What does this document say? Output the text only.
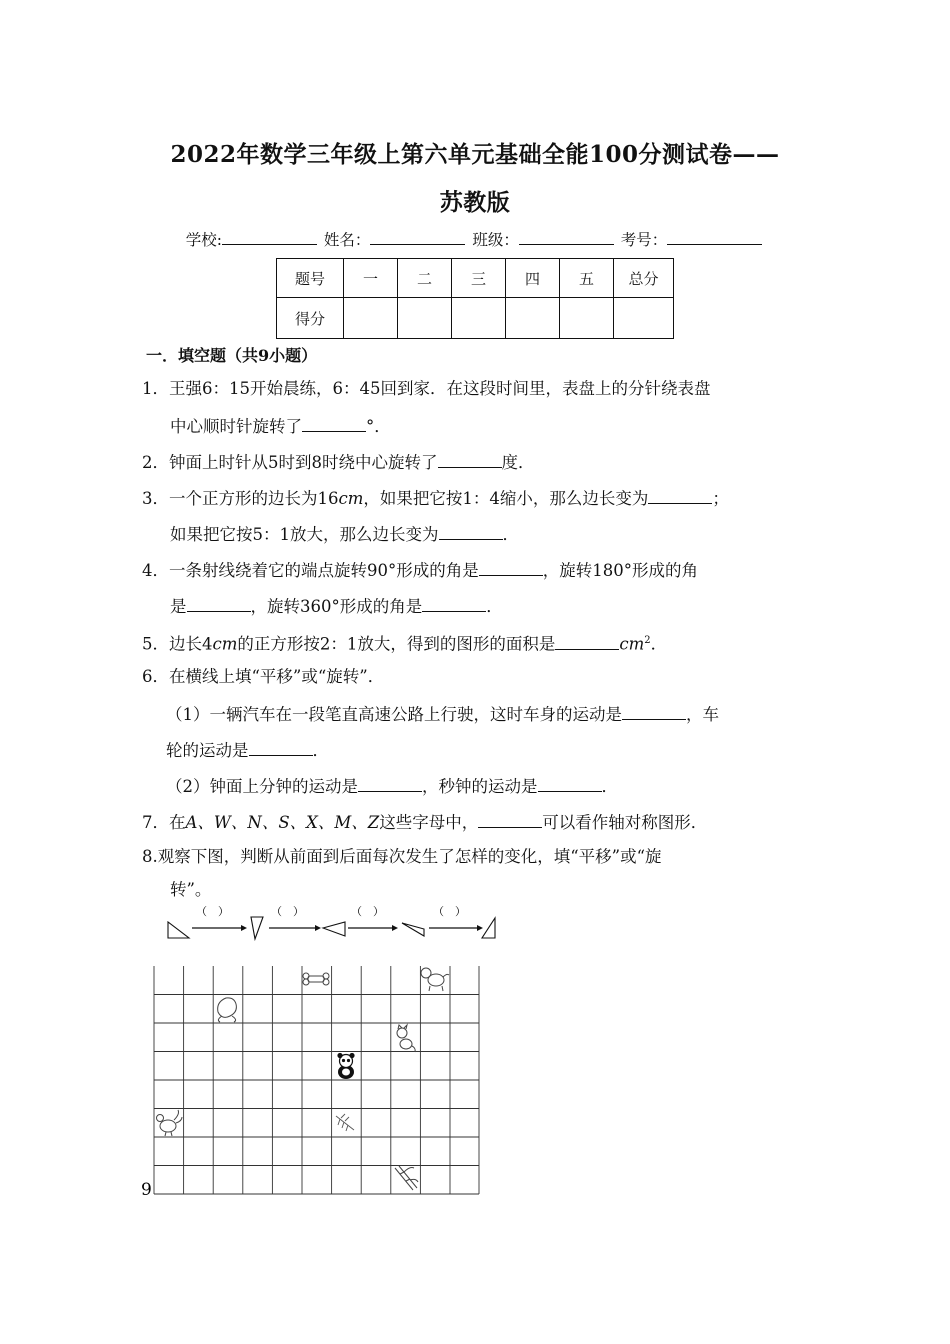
2022年数学三年级上第六单元基础全能100分测试卷——
苏教版
学校:	姓名：	班级：	考号：
题号	一	二	三	四	五	总分
得分						
一．填空题（共9小题）
1．王强6：15开始晨练，6：45回到家．在这段时间里，表盘上的分针绕表盘
中心顺时针旋转了	°．
2．钟面上时针从5时到8时绕中心旋转了	度．
3．一个正方形的边长为16cm，如果把它按1：4缩小，那么边长变为	；
如果把它按5：1放大，那么边长变为	．
4．一条射线绕着它的端点旋转90°形成的角是	，旋转180°形成的角
是	，旋转360°形成的角是	．
5．边长4cm的正方形按2：1放大，得到的图形的面积是	$cm^2$．
6．在横线上填“平移”或“旋转”．
（1）一辆汽车在一段笔直高速公路上行驶，这时车身的运动是	，车
轮的运动是	．
（2）钟面上分钟的运动是	，秒钟的运动是	．
7．在A、W、N、S、X、M、Z这些字母中，	可以看作轴对称图形．
8.观察下图，判断从前面到后面每次发生了怎样的变化，填“平移”或“旋
转”。
（　）	（　）	（　）	（　）
9
